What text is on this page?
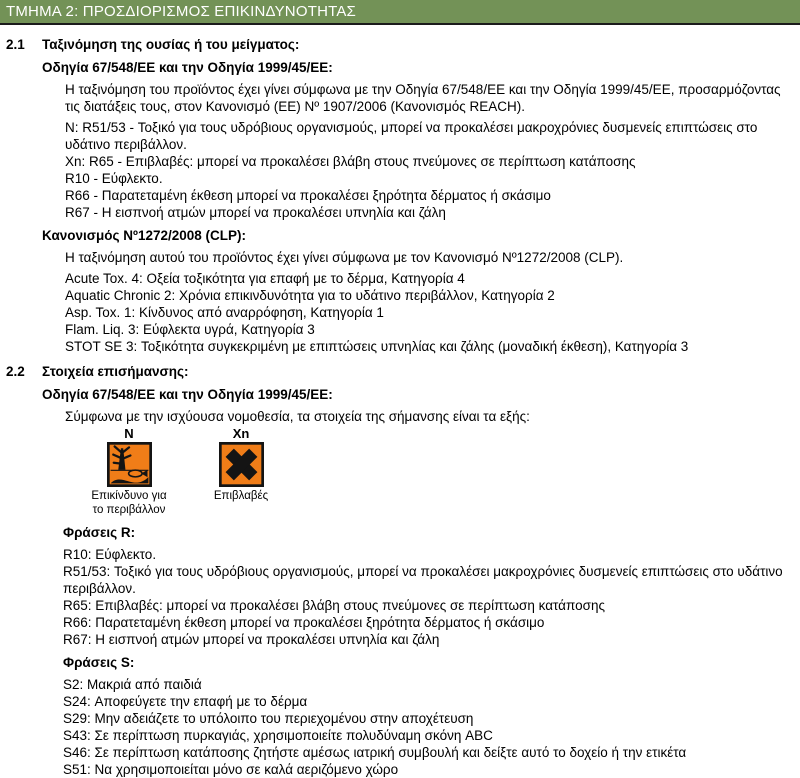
ΤΜΗΜΑ 2: ΠΡΟΣΔΙΟΡΙΣΜΟΣ ΕΠΙΚΙΝΔΥΝΟΤΗΤΑΣ
2.1	Ταξινόμηση της ουσίας ή του μείγματος:
Οδηγία 67/548/ΕΕ και την Οδηγία 1999/45/ΕΕ:

Η ταξινόμηση του προϊόντος έχει γίνει σύμφωνα με την Οδηγία 67/548/ΕΕ και την Οδηγία 1999/45/ΕΕ, προσαρμόζοντας τις διατάξεις τους, στον Κανονισμό (ΕΕ) Nº 1907/2006 (Κανονισμός REACH).

N: R51/53 - Τοξικό για τους υδρόβιους οργανισμούς, μπορεί να προκαλέσει μακροχρόνιες δυσμενείς επιπτώσεις στο υδάτινο περιβάλλον.
Xn: R65 - Επιβλαβές: μπορεί να προκαλέσει βλάβη στους πνεύμονες σε περίπτωση κατάποσης
R10 - Εύφλεκτο.
R66 - Παρατεταμένη έκθεση μπορεί να προκαλέσει ξηρότητα δέρματος ή σκάσιμο
R67 - Η εισπνοή ατμών μπορεί να προκαλέσει υπνηλία και ζάλη
Κανονισμός Nº1272/2008 (CLP):

Η ταξινόμηση αυτού του προϊόντος έχει γίνει σύμφωνα με τον Κανονισμό Nº1272/2008 (CLP).

Acute Tox. 4: Οξεία τοξικότητα για επαφή με το δέρμα, Κατηγορία 4
Aquatic Chronic 2: Χρόνια επικινδυνότητα για το υδάτινο περιβάλλον, Κατηγορία 2
Asp. Tox. 1: Κίνδυνος από αναρρόφηση, Κατηγορία 1
Flam. Liq. 3: Εύφλεκτα υγρά, Κατηγορία 3
STOT SE 3: Τοξικότητα συγκεκριμένη με επιπτώσεις υπνηλίας και ζάλης (μοναδική έκθεση), Κατηγορία 3
2.2	Στοιχεία επισήμανσης:
Οδηγία 67/548/ΕΕ και την Οδηγία 1999/45/ΕΕ:

Σύμφωνα με την ισχύουσα νομοθεσία, τα στοιχεία της σήμανσης είναι τα εξής:

N
Επικίνδυνο για το περιβάλλον
Xn
Επιβλαβές
Φράσεις R:
R10: Εύφλεκτο.
R51/53: Τοξικό για τους υδρόβιους οργανισμούς, μπορεί να προκαλέσει μακροχρόνιες δυσμενείς επιπτώσεις στο υδάτινο περιβάλλον.
R65: Επιβλαβές: μπορεί να προκαλέσει βλάβη στους πνεύμονες σε περίπτωση κατάποσης
R66: Παρατεταμένη έκθεση μπορεί να προκαλέσει ξηρότητα δέρματος ή σκάσιμο
R67: Η εισπνοή ατμών μπορεί να προκαλέσει υπνηλία και ζάλη
Φράσεις S:
S2: Μακριά από παιδιά
S24: Αποφεύγετε την επαφή με το δέρμα
S29: Μην αδειάζετε το υπόλοιπο του περιεχομένου στην αποχέτευση
S43: Σε περίπτωση πυρκαγιάς, χρησιμοποιείτε πολυδύναμη σκόνη ABC
S46: Σε περίπτωση κατάποσης ζητήστε αμέσως ιατρική συμβουλή και δείξτε αυτό το δοχείο ή την ετικέτα
S51: Να χρησιμοποιείται μόνο σε καλά αεριζόμενο χώρο
